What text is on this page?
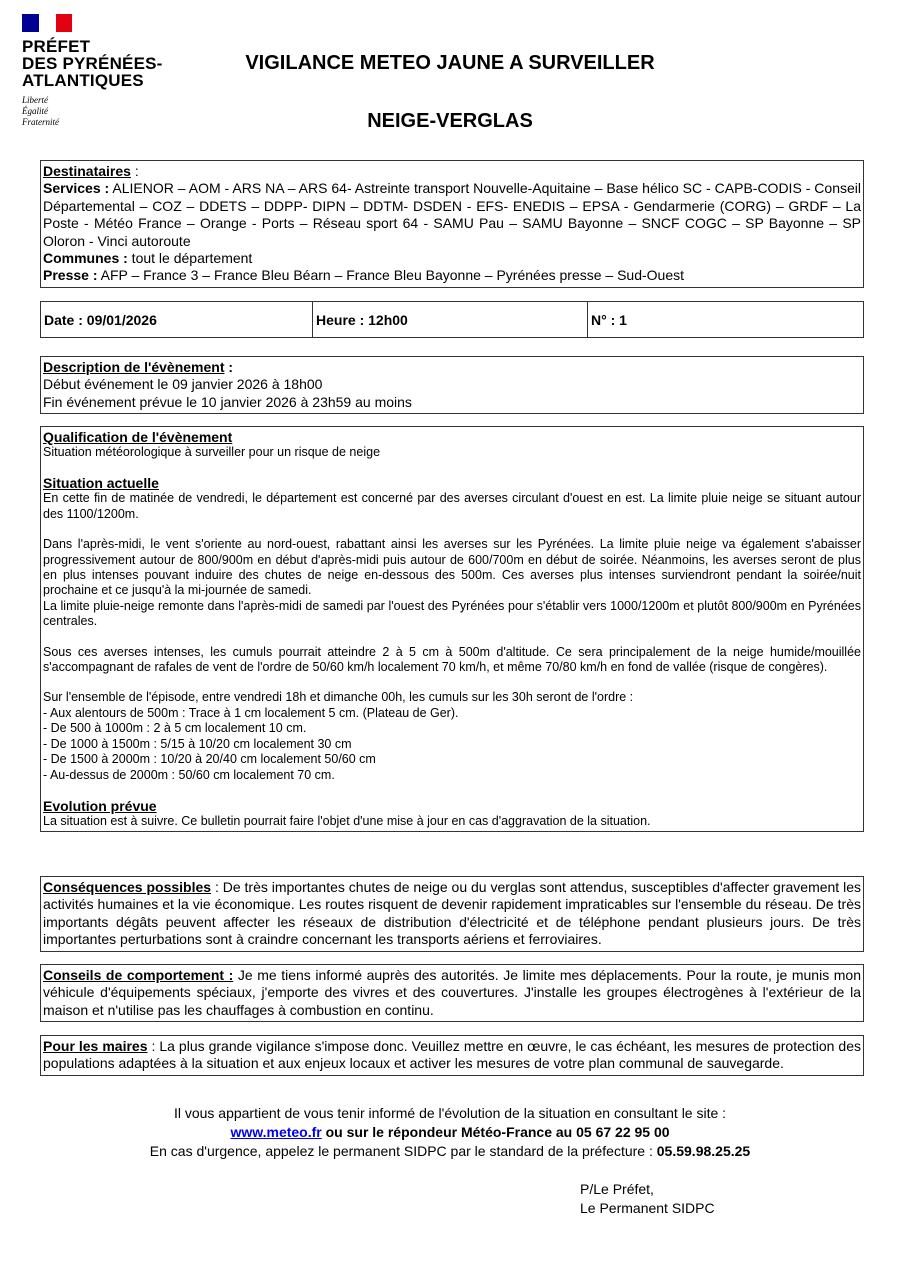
PRÉFET
DES PYRÉNÉES-
ATLANTIQUES
Liberté
Égalité
Fraternité
VIGILANCE METEO JAUNE A SURVEILLER
NEIGE-VERGLAS
Destinataires :
Services : ALIENOR – AOM - ARS NA – ARS 64- Astreinte transport Nouvelle-Aquitaine – Base hélico SC - CAPB-CODIS - Conseil Départemental – COZ – DDETS – DDPP- DIPN – DDTM- DSDEN - EFS- ENEDIS – EPSA - Gendarmerie (CORG) – GRDF – La Poste - Météo France – Orange - Ports – Réseau sport 64 - SAMU Pau – SAMU Bayonne – SNCF COGC – SP Bayonne – SP Oloron - Vinci autoroute
Communes : tout le département
Presse : AFP – France 3 – France Bleu Béarn – France Bleu Bayonne – Pyrénées presse – Sud-Ouest
Date : 09/01/2026	Heure : 12h00	N° : 1
Description de l'évènement :
Début événement le 09 janvier 2026 à 18h00
Fin événement prévue le 10 janvier 2026 à 23h59 au moins
Qualification de l'évènement
Situation météorologique à surveiller pour un risque de neige
Situation actuelle
En cette fin de matinée de vendredi, le département est concerné par des averses circulant d'ouest en est. La limite pluie neige se situant autour des 1100/1200m.
Dans l'après-midi, le vent s'oriente au nord-ouest, rabattant ainsi les averses sur les Pyrénées. La limite pluie neige va également s'abaisser progressivement autour de 800/900m en début d'après-midi puis autour de 600/700m en début de soirée. Néanmoins, les averses seront de plus en plus intenses pouvant induire des chutes de neige en-dessous des 500m. Ces averses plus intenses surviendront pendant la soirée/nuit prochaine et ce jusqu'à la mi-journée de samedi.
La limite pluie-neige remonte dans l'après-midi de samedi par l'ouest des Pyrénées pour s'établir vers 1000/1200m et plutôt 800/900m en Pyrénées centrales.
Sous ces averses intenses, les cumuls pourrait atteindre 2 à 5 cm à 500m d'altitude. Ce sera principalement de la neige humide/mouillée s'accompagnant de rafales de vent de l'ordre de 50/60 km/h localement 70 km/h, et même 70/80 km/h en fond de vallée (risque de congères).
Sur l'ensemble de l'épisode, entre vendredi 18h et dimanche 00h, les cumuls sur les 30h seront de l'ordre :
- Aux alentours de 500m : Trace à 1 cm localement 5 cm. (Plateau de Ger).
- De 500 à 1000m : 2 à 5 cm localement 10 cm.
- De 1000 à 1500m : 5/15 à 10/20 cm localement 30 cm
- De 1500 à 2000m : 10/20 à 20/40 cm localement 50/60 cm
- Au-dessus de 2000m : 50/60 cm localement 70 cm.
Evolution prévue
La situation est à suivre. Ce bulletin pourrait faire l'objet d'une mise à jour en cas d'aggravation de la situation.
Conséquences possibles : De très importantes chutes de neige ou du verglas sont attendus, susceptibles d'affecter gravement les activités humaines et la vie économique. Les routes risquent de devenir rapidement impraticables sur l'ensemble du réseau. De très importants dégâts peuvent affecter les réseaux de distribution d'électricité et de téléphone pendant plusieurs jours. De très importantes perturbations sont à craindre concernant les transports aériens et ferroviaires.
Conseils de comportement : Je me tiens informé auprès des autorités. Je limite mes déplacements. Pour la route, je munis mon véhicule d'équipements spéciaux, j'emporte des vivres et des couvertures. J'installe les groupes électrogènes à l'extérieur de la maison et n'utilise pas les chauffages à combustion en continu.
Pour les maires : La plus grande vigilance s'impose donc. Veuillez mettre en œuvre, le cas échéant, les mesures de protection des populations adaptées à la situation et aux enjeux locaux et activer les mesures de votre plan communal de sauvegarde.
Il vous appartient de vous tenir informé de l'évolution de la situation en consultant le site :
www.meteo.fr ou sur le répondeur Météo-France au 05 67 22 95 00
En cas d'urgence, appelez le permanent SIDPC par le standard de la préfecture : 05.59.98.25.25
P/Le Préfet,
Le Permanent SIDPC
